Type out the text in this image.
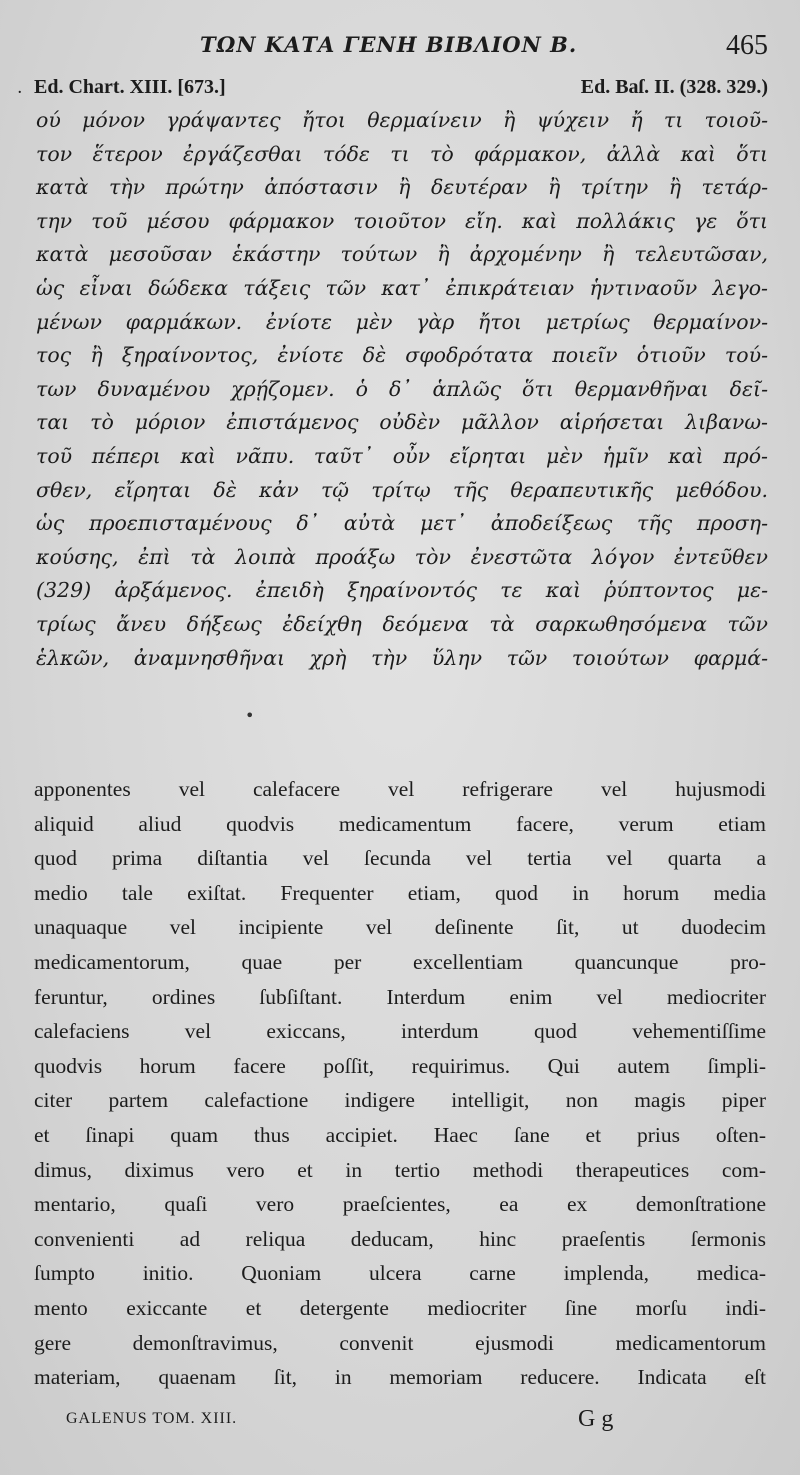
ΤΩΝ ΚΑΤΑ ΓΕΝΗ ΒΙΒΛΙΟΝ Β.	465
. Ed. Chart. XIII. [673.]	Ed. Baſ. II. (328. 329.)
ού μόνον γράψαντες ἤτοι θερμαίνειν ἢ ψύχειν ἤ τι τοιοῦ-
τον ἕτερον ἐργάζεσθαι τόδε τι τὸ φάρμακον, ἀλλὰ καὶ ὅτι
κατὰ τὴν πρώτην ἀπόστασιν ἢ δευτέραν ἢ τρίτην ἢ τετάρ-
την τοῦ μέσου φάρμακον τοιοῦτον εἴη. καὶ πολλάκις γε ὅτι
κατὰ μεσοῦσαν ἑκάστην τούτων ἢ ἀρχομένην ἢ τελευτῶσαν,
ὡς εἶναι δώδεκα τάξεις τῶν κατ᾽ ἐπικράτειαν ἡντιναοῦν λεγο-
μένων φαρμάκων. ἐνίοτε μὲν γὰρ ἤτοι μετρίως θερμαίνον-
τος ἢ ξηραίνοντος, ἐνίοτε δὲ σφοδρότατα ποιεῖν ὁτιοῦν τού-
των δυναμένου χρῄζομεν. ὁ δ᾽ ἁπλῶς ὅτι θερμανθῆναι δεῖ-
ται τὸ μόριον ἐπιστάμενος οὐδὲν μᾶλλον αἱρήσεται λιβανω-
τοῦ πέπερι καὶ νᾶπυ. ταῦτ᾽ οὖν εἴρηται μὲν ἡμῖν καὶ πρό-
σθεν, εἴρηται δὲ κἀν τῷ τρίτῳ τῆς θεραπευτικῆς μεθόδου.
ὡς προεπισταμένους δ᾽ αὐτὰ μετ᾽ ἀποδείξεως τῆς προση-
κούσης, ἐπὶ τὰ λοιπὰ προάξω τὸν ἐνεστῶτα λόγον ἐντεῦθεν
(329) ἀρξάμενος. ἐπειδὴ ξηραίνοντός τε καὶ ῥύπτοντος με-
τρίως ἄνευ δήξεως ἐδείχθη δεόμενα τὰ σαρκωθησόμενα τῶν
ἑλκῶν, ἀναμνησθῆναι χρὴ τὴν ὕλην τῶν τοιούτων φαρμά-
•
apponentes vel calefacere vel refrigerare vel hujusmodi
aliquid aliud quodvis medicamentum facere, verum etiam
quod prima diſtantia vel ſecunda vel tertia vel quarta a
medio tale exiſtat. Frequenter etiam, quod in horum media
unaquaque vel incipiente vel deſinente ſit, ut duodecim
medicamentorum, quae per excellentiam quancunque pro-
feruntur, ordines ſubſiſtant. Interdum enim vel mediocriter
calefaciens vel exiccans, interdum quod vehementiſſime
quodvis horum facere poſſit, requirimus. Qui autem ſimpli-
citer partem calefactione indigere intelligit, non magis piper
et ſinapi quam thus accipiet. Haec ſane et prius oſten-
dimus, diximus vero et in tertio methodi therapeutices com-
mentario, quaſi vero praeſcientes, ea ex demonſtratione
convenienti ad reliqua deducam, hinc praeſentis ſermonis
ſumpto initio. Quoniam ulcera carne implenda, medica-
mento exiccante et detergente mediocriter ſine morſu indi-
gere demonſtravimus, convenit ejusmodi medicamentorum
materiam, quaenam ſit, in memoriam reducere. Indicata eſt
GALENUS TOM. XIII.	G g
